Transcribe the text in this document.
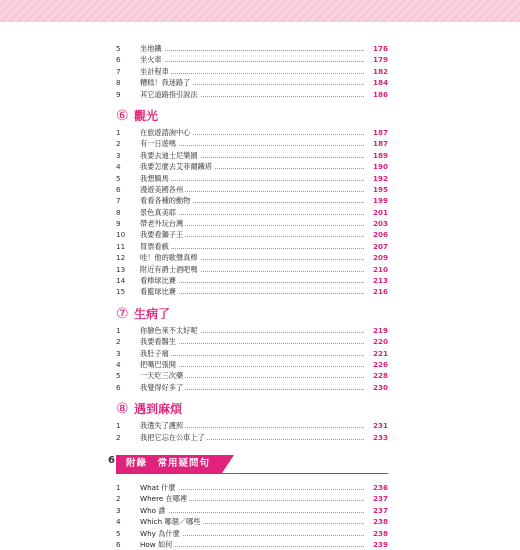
5	坐地鐵	176
6	坐火車	179
7	坐計程車	182
8	糟糕！我迷路了	184
9	其它道路指引說法	186
⑥ 觀光
1	在旅遊諮詢中心	187
2	有一日遊嗎	187
3	我要去迪士尼樂園	189
4	我要怎麼去艾菲爾鐵塔	190
5	我想騎馬	192
6	漫遊美國各州	195
7	看看各種的動物	199
8	景色真美耶	201
9	帶老外玩台灣	203
10	我要看獅子王	206
11	買票看戲	207
12	哇！他的歌聲真棒	209
13	附近有爵士酒吧嗎	210
14	看棒球比賽	213
15	看籃球比賽	216
⑦ 生病了
1	你臉色來不太好呢	219
2	我要看醫生	220
3	我肚子痛	221
4	把嘴巴張開	226
5	一天吃三次藥	228
6	我覺得好多了	230
⑧ 遇到麻煩
1	我遺失了護照	231
2	我把它忘在公車上了	233
附錄　常用疑問句
1	What 什麼	236
2	Where 在哪裡	237
3	Who 誰	237
4	Which 哪個／哪些	238
5	Why 為什麼	238
6	How 如何	239
6
